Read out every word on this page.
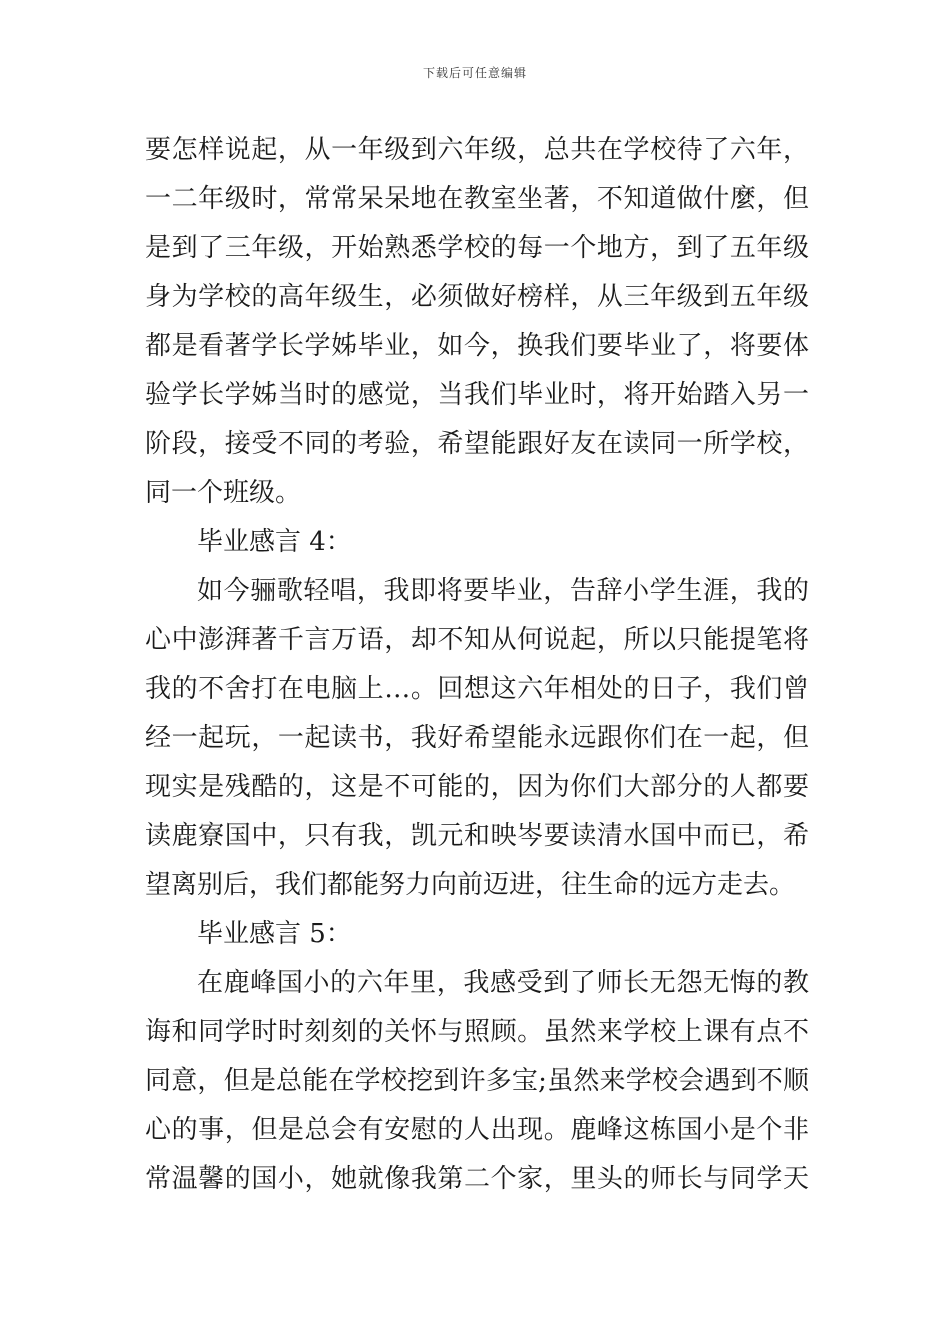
下载后可任意编辑
要怎样说起，从一年级到六年级，总共在学校待了六年，
一二年级时，常常呆呆地在教室坐著，不知道做什麼，但
是到了三年级，开始熟悉学校的每一个地方，到了五年级
身为学校的高年级生，必须做好榜样，从三年级到五年级
都是看著学长学姊毕业，如今，换我们要毕业了，将要体
验学长学姊当时的感觉，当我们毕业时，将开始踏入另一
阶段，接受不同的考验，希望能跟好友在读同一所学校，
同一个班级。
毕业感言 4：
如今骊歌轻唱，我即将要毕业，告辞小学生涯，我的
心中澎湃著千言万语，却不知从何说起，所以只能提笔将
我的不舍打在电脑上…。回想这六年相处的日子，我们曾
经一起玩，一起读书，我好希望能永远跟你们在一起，但
现实是残酷的，这是不可能的，因为你们大部分的人都要
读鹿寮国中，只有我，凯元和映岑要读清水国中而已，希
望离别后，我们都能努力向前迈进，往生命的远方走去。
毕业感言 5：
在鹿峰国小的六年里，我感受到了师长无怨无悔的教
诲和同学时时刻刻的关怀与照顾。虽然来学校上课有点不
同意，但是总能在学校挖到许多宝;虽然来学校会遇到不顺
心的事，但是总会有安慰的人出现。鹿峰这栋国小是个非
常温馨的国小，她就像我第二个家，里头的师长与同学天
